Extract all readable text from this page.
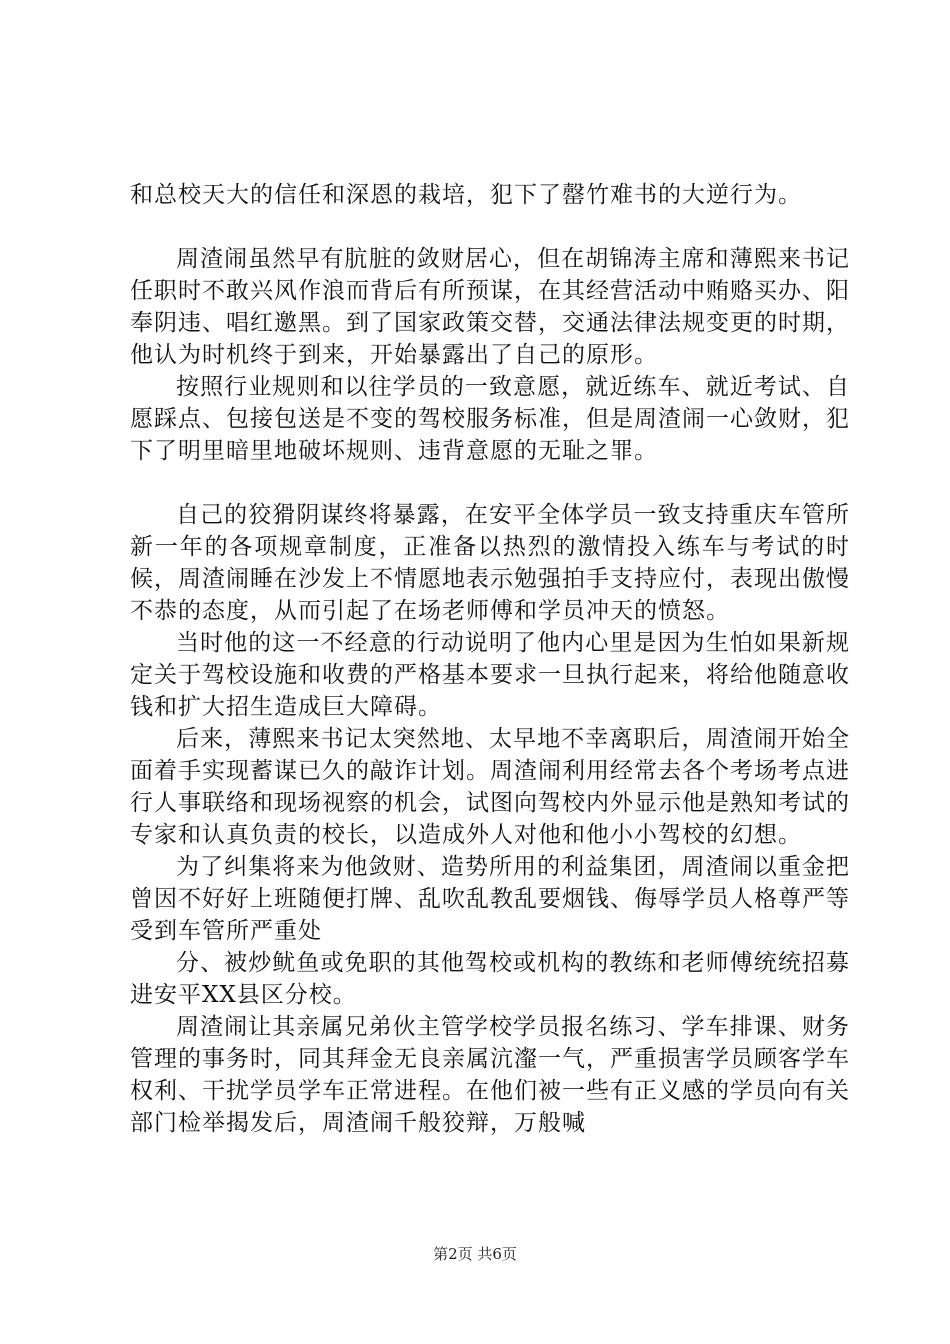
和总校天大的信任和深恩的栽培，犯下了罄竹难书的大逆行为。

周渣闹虽然早有肮脏的敛财居心，但在胡锦涛主席和薄熙来书记任职时不敢兴风作浪而背后有所预谋，在其经营活动中贿赂买办、阳奉阴违、唱红邀黑。到了国家政策交替，交通法律法规变更的时期，他认为时机终于到来，开始暴露出了自己的原形。

按照行业规则和以往学员的一致意愿，就近练车、就近考试、自愿踩点、包接包送是不变的驾校服务标准，但是周渣闹一心敛财，犯下了明里暗里地破坏规则、违背意愿的无耻之罪。

自己的狡猾阴谋终将暴露，在安平全体学员一致支持重庆车管所新一年的各项规章制度，正准备以热烈的激情投入练车与考试的时候，周渣闹睡在沙发上不情愿地表示勉强拍手支持应付，表现出傲慢不恭的态度，从而引起了在场老师傅和学员冲天的愤怒。

当时他的这一不经意的行动说明了他内心里是因为生怕如果新规定关于驾校设施和收费的严格基本要求一旦执行起来，将给他随意收钱和扩大招生造成巨大障碍。

后来，薄熙来书记太突然地、太早地不幸离职后，周渣闹开始全面着手实现蓄谋已久的敲诈计划。周渣闹利用经常去各个考场考点进行人事联络和现场视察的机会，试图向驾校内外显示他是熟知考试的专家和认真负责的校长，以造成外人对他和他小小驾校的幻想。

为了纠集将来为他敛财、造势所用的利益集团，周渣闹以重金把曾因不好好上班随便打牌、乱吹乱教乱要烟钱、侮辱学员人格尊严等受到车管所严重处

分、被炒鱿鱼或免职的其他驾校或机构的教练和老师傅统统招募进安平XX县区分校。

周渣闹让其亲属兄弟伙主管学校学员报名练习、学车排课、财务管理的事务时，同其拜金无良亲属沆瀣一气，严重损害学员顾客学车权利、干扰学员学车正常进程。在他们被一些有正义感的学员向有关部门检举揭发后，周渣闹千般狡辩，万般喊

第2页 共6页
